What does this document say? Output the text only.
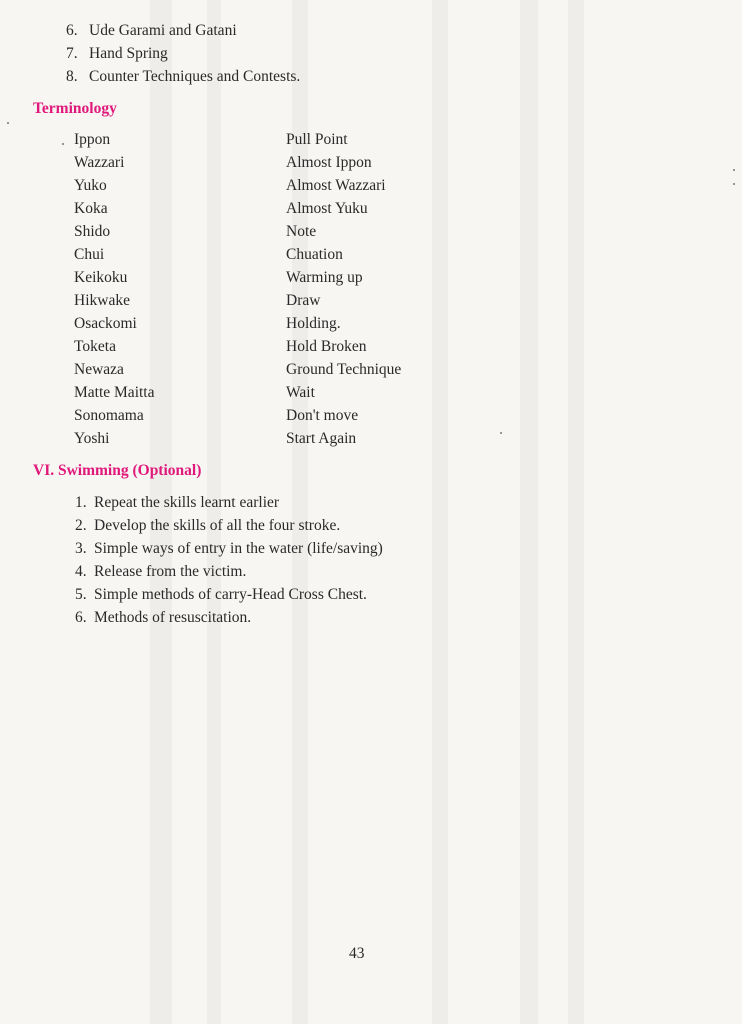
6. Ude Garami and Gatani
7. Hand Spring
8. Counter Techniques and Contests.
Terminology
Ippon	Pull Point
Wazzari	Almost Ippon
Yuko	Almost Wazzari
Koka	Almost Yuku
Shido	Note
Chui	Chuation
Keikoku	Warming up
Hikwake	Draw
Osackomi	Holding.
Toketa	Hold Broken
Newaza	Ground Technique
Matte Maitta	Wait
Sonomama	Don't move
Yoshi	Start Again
VI. Swimming (Optional)
1. Repeat the skills learnt earlier
2. Develop the skills of all the four stroke.
3. Simple ways of entry in the water (life/saving)
4. Release from the victim.
5. Simple methods of carry-Head Cross Chest.
6. Methods of resuscitation.
43
